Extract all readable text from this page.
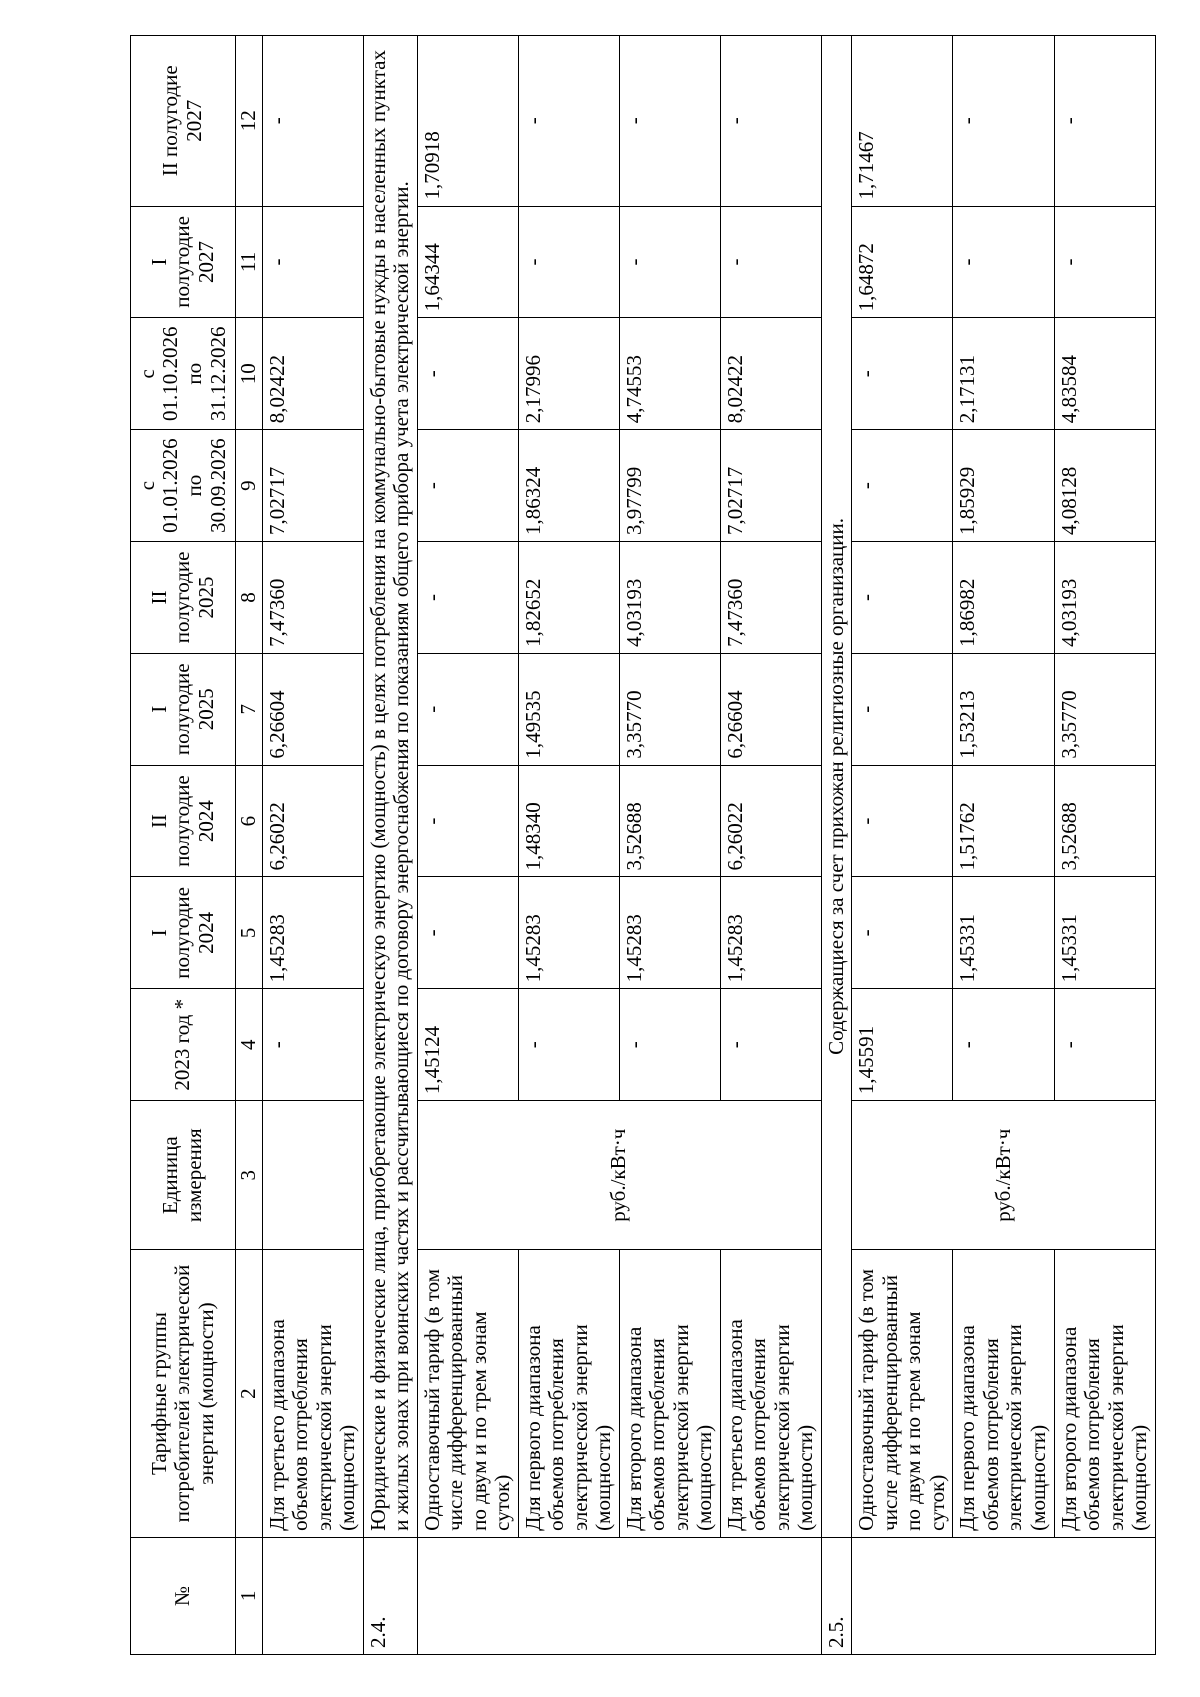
№	Тарифные группы потребителей электрической энергии (мощности)	Единица измерения	2023 год *	I полугодие 2024	II полугодие 2024	I полугодие 2025	II полугодие 2025	с 01.01.2026 по 30.09.2026	с 01.10.2026 по 31.12.2026	I полугодие 2027	II полугодие 2027
1	2	3	4	5	6	7	8	9	10	11	12
	Для третьего диапазона объемов потребления электрической энергии (мощности)		-	1,45283	6,26022	6,26604	7,47360	7,02717	8,02422	-	-
2.4.	Юридические и физические лица, приобретающие электрическую энергию (мощность) в целях потребления на коммунально-бытовые нужды в населенных пунктах и жилых зонах при воинских частях и рассчитывающиеся по договору энергоснабжения по показаниям общего прибора учета электрической энергии.										
	Одноставочный тариф (в том числе дифференцированный по двум и по трем зонам суток)	руб./кВт·ч	1,45124	-	-	-	-	-	-	1,64344	1,70918
	Для первого диапазона объемов потребления электрической энергии (мощности)		-	1,45283	1,48340	1,49535	1,82652	1,86324	2,17996	-	-
	Для второго диапазона объемов потребления электрической энергии (мощности)		-	1,45283	3,52688	3,35770	4,03193	3,97799	4,74553	-	-
	Для третьего диапазона объемов потребления электрической энергии (мощности)		-	1,45283	6,26022	6,26604	7,47360	7,02717	8,02422	-	-
2.5.	Содержащиеся за счет прихожан религиозные организации.										
	Одноставочный тариф (в том числе дифференцированный по двум и по трем зонам суток)	руб./кВт·ч	1,45591	-	-	-	-	-	-	1,64872	1,71467
	Для первого диапазона объемов потребления электрической энергии (мощности)		-	1,45331	1,51762	1,53213	1,86982	1,85929	2,17131	-	-
	Для второго диапазона объемов потребления электрической энергии (мощности)		-	1,45331	3,52688	3,35770	4,03193	4,08128	4,83584	-	-
